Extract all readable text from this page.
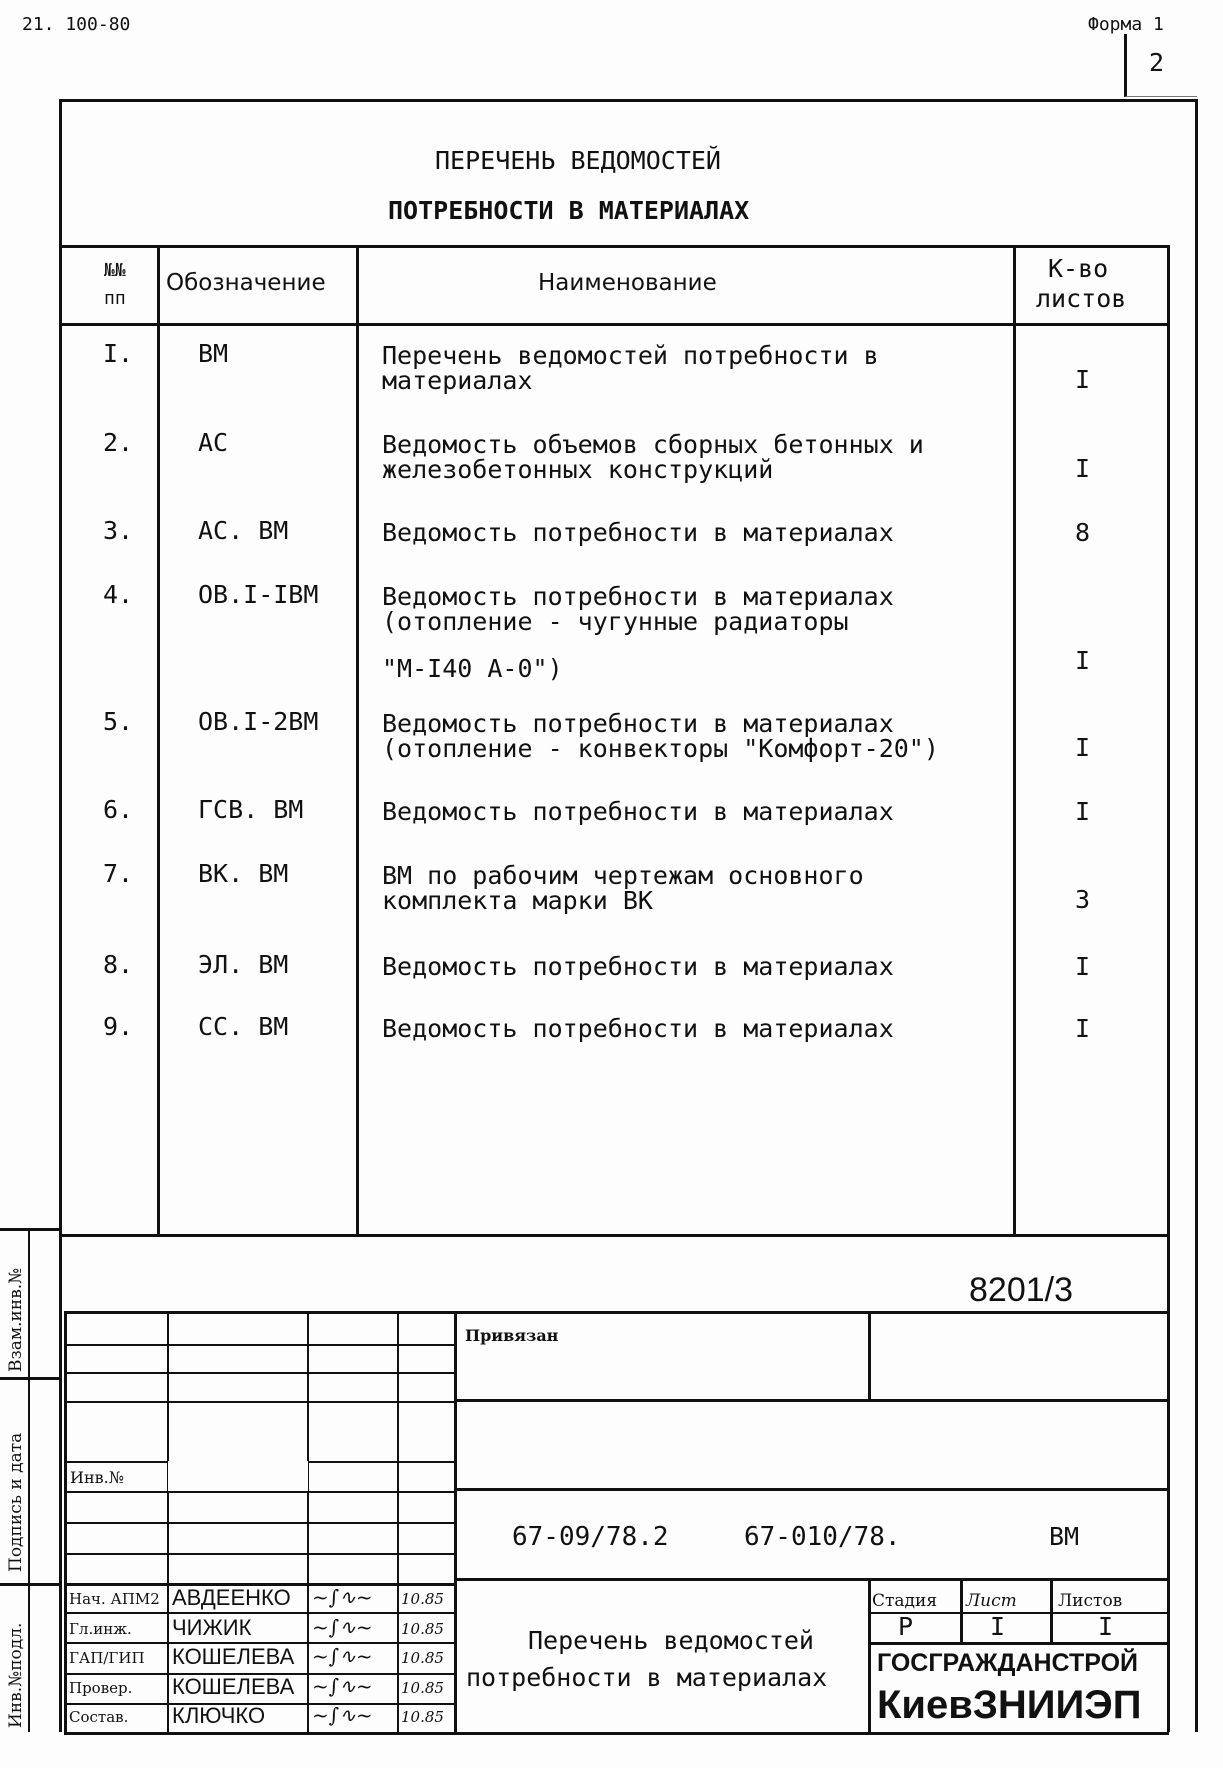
21. 100-80	Форма 1
2
ПЕРЕЧЕНЬ ВЕДОМОСТЕЙ
ПОТРЕБНОСТИ В МАТЕРИАЛАХ
№№
пп
Обозначение	Наименование	К-во
листов
I.	ВМ	Перечень ведомостей потребности в
материалах	I
2.	АС	Ведомость объемов сборных бетонных и
железобетонных конструкций	I
3.	АС. ВМ	Ведомость потребности в материалах	8
4.	ОВ.I-IВМ	Ведомость потребности в материалах
(отопление - чугунные радиаторы
"М-I40 А-0")	I
5.	ОВ.I-2ВМ	Ведомость потребности в материалах
(отопление - конвекторы "Комфорт-20")	I
6.	ГСВ. ВМ	Ведомость потребности в материалах	I
7.	ВК. ВМ	ВМ по рабочим чертежам основного
комплекта марки ВК	3
8.	ЭЛ. ВМ	Ведомость потребности в материалах	I
9.	СС. ВМ	Ведомость потребности в материалах	I
8201/3
Взам.инв.№
Подпись и дата
Инв.№подл.
Инв.№
Привязан
67-09/78.2	67-010/78.	ВМ
Перечень ведомостей
потребности в материалах
Стадия Лист Листов
Р	I	I
ГОСГРАЖДАНСТРОЙ
КиевЗНИИЭП
Нач. АПМ2 АВДЕЕНКО ~∫∿~ 10.85
Гл.инж. ЧИЖИК	~∫∿~ 10.85
ГАП/ГИП КОШЕЛЕВА ~∫∿~ 10.85
Провер. КОШЕЛЕВА ~∫∿~ 10.85
Состав. КЛЮЧКО ~∫∿~ 10.85
